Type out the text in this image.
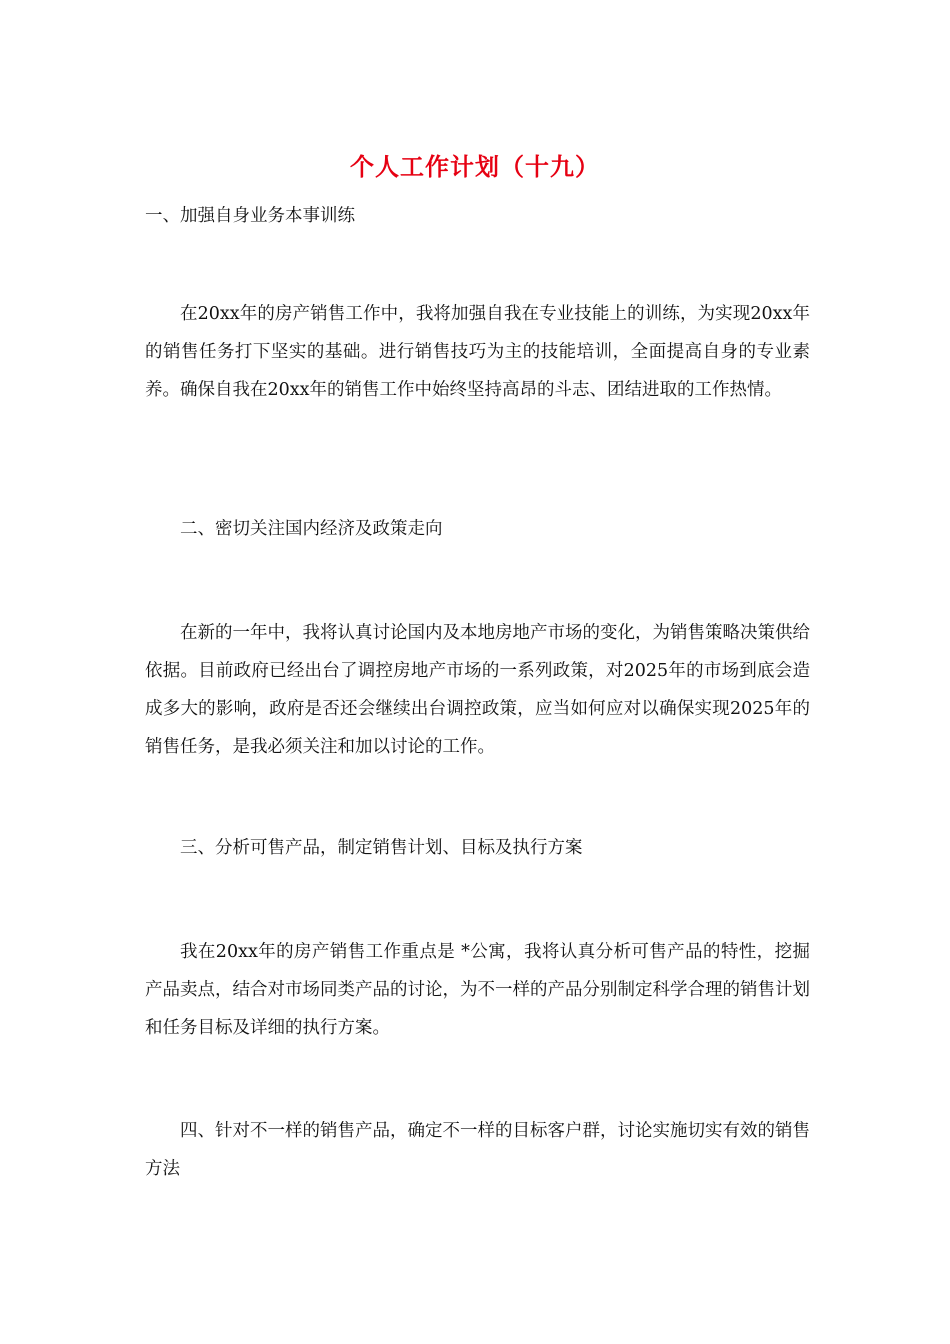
个人工作计划（十九）
一、加强自身业务本事训练
在20xx年的房产销售工作中，我将加强自我在专业技能上的训练，为实现20xx年的销售任务打下坚实的基础。进行销售技巧为主的技能培训，全面提高自身的专业素养。确保自我在20xx年的销售工作中始终坚持高昂的斗志、团结进取的工作热情。
二、密切关注国内经济及政策走向
在新的一年中，我将认真讨论国内及本地房地产市场的变化，为销售策略决策供给依据。目前政府已经出台了调控房地产市场的一系列政策，对2025年的市场到底会造成多大的影响，政府是否还会继续出台调控政策，应当如何应对以确保实现2025年的销售任务，是我必须关注和加以讨论的工作。
三、分析可售产品，制定销售计划、目标及执行方案
我在20xx年的房产销售工作重点是 *公寓，我将认真分析可售产品的特性，挖掘产品卖点，结合对市场同类产品的讨论，为不一样的产品分别制定科学合理的销售计划和任务目标及详细的执行方案。
四、针对不一样的销售产品，确定不一样的目标客户群，讨论实施切实有效的销售方法
